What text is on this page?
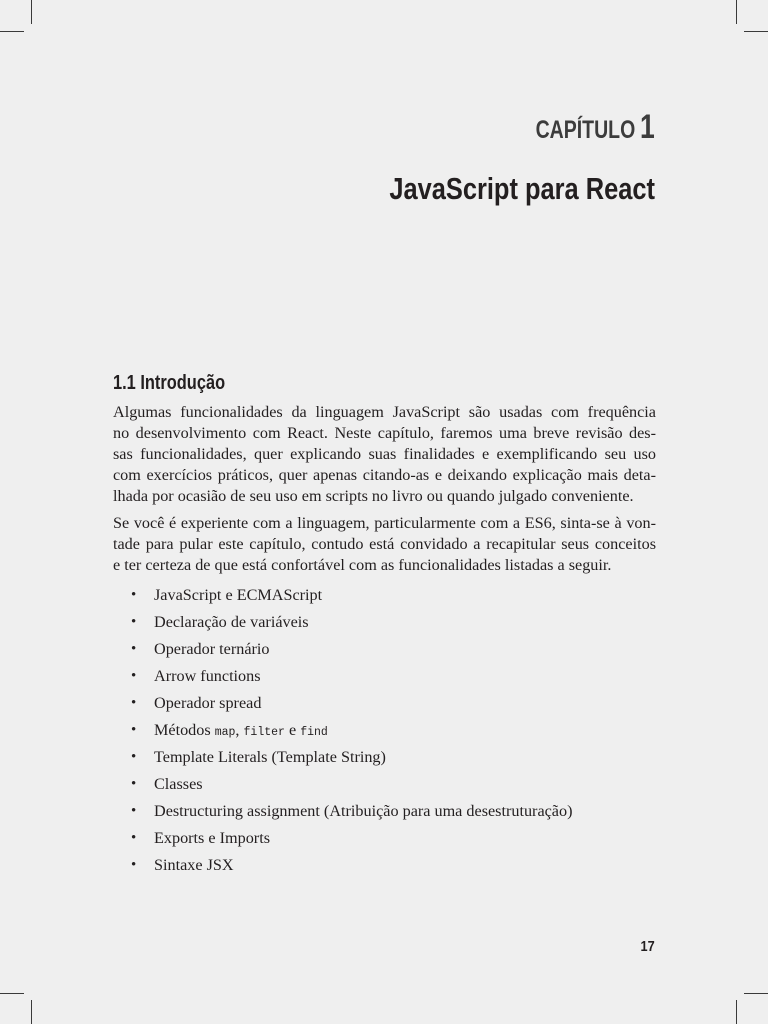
CAPÍTULO 1
JavaScript para React
1.1 Introdução

Algumas funcionalidades da linguagem JavaScript são usadas com frequência
no desenvolvimento com React. Neste capítulo, faremos uma breve revisão des-
sas funcionalidades, quer explicando suas finalidades e exemplificando seu uso
com exercícios práticos, quer apenas citando-as e deixando explicação mais deta-
lhada por ocasião de seu uso em scripts no livro ou quando julgado conveniente.

Se você é experiente com a linguagem, particularmente com a ES6, sinta-se à von-
tade para pular este capítulo, contudo está convidado a recapitular seus conceitos
e ter certeza de que está confortável com as funcionalidades listadas a seguir.

• JavaScript e ECMAScript
• Declaração de variáveis
• Operador ternário
• Arrow functions
• Operador spread
• Métodos map, filter e find
• Template Literals (Template String)
• Classes
• Destructuring assignment (Atribuição para uma desestruturação)
• Exports e Imports
• Sintaxe JSX
17
